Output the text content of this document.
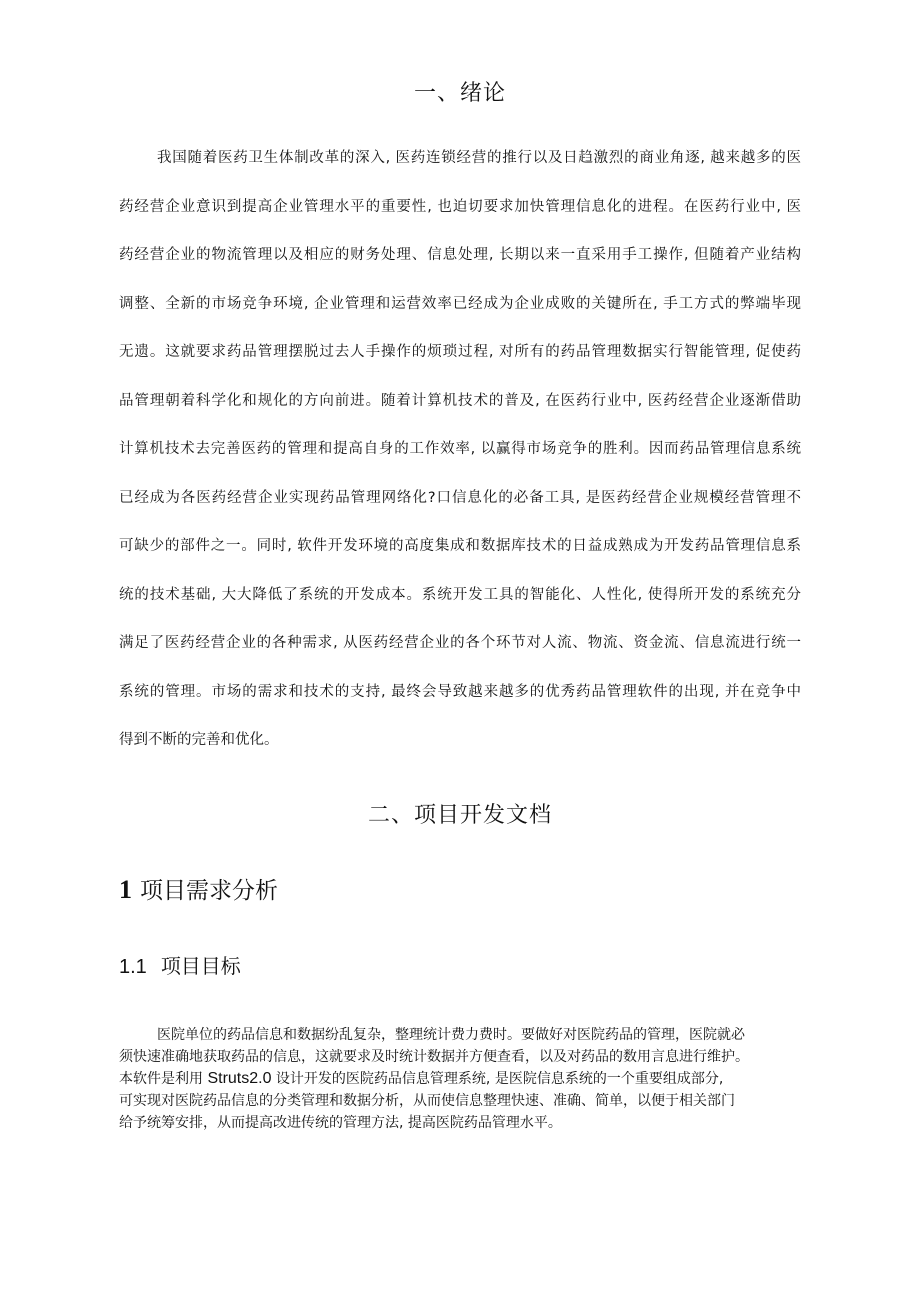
一、绪论

我国随着医药卫生体制改革的深入, 医药连锁经营的推行以及日趋激烈的商业角逐, 越来越多的医

药经营企业意识到提高企业管理水平的重要性, 也迫切要求加快管理信息化的进程。在医药行业中, 医

药经营企业的物流管理以及相应的财务处理、信息处理, 长期以来一直采用手工操作, 但随着产业结构

调整、全新的市场竞争环境, 企业管理和运营效率已经成为企业成败的关键所在, 手工方式的弊端毕现

无遗。这就要求药品管理摆脱过去人手操作的烦琐过程, 对所有的药品管理数据实行智能管理, 促使药

品管理朝着科学化和规化的方向前进。随着计算机技术的普及, 在医药行业中, 医药经营企业逐渐借助

计算机技术去完善医药的管理和提高自身的工作效率, 以赢得市场竞争的胜利。因而药品管理信息系统

已经成为各医药经营企业实现药品管理网络化?口信息化的必备工具, 是医药经营企业规模经营管理不

可缺少的部件之一。同时, 软件开发环境的高度集成和数据库技术的日益成熟成为开发药品管理信息系

统的技术基础, 大大降低了系统的开发成本。系统开发工具的智能化、人性化, 使得所开发的系统充分

满足了医药经营企业的各种需求, 从医药经营企业的各个环节对人流、物流、资金流、信息流进行统一

系统的管理。市场的需求和技术的支持, 最终会导致越来越多的优秀药品管理软件的出现, 并在竞争中

得到不断的完善和优化。

二、项目开发文档
1 项目需求分析
1.1 项目目标

医院单位的药品信息和数据纷乱复杂，整理统计费力费时。要做好对医院药品的管理，医院就必

须快速准确地获取药品的信息，这就要求及时统计数据并方便查看，以及对药品的数用言息进行维护。

本软件是利用 Struts2.0 设计开发的医院药品信息管理系统, 是医院信息系统的一个重要组成部分,

可实现对医院药品信息的分类管理和数据分析，从而使信息整理快速、准确、简单，以便于相关部门

给予统筹安排，从而提高改进传统的管理方法, 提高医院药品管理水平。
